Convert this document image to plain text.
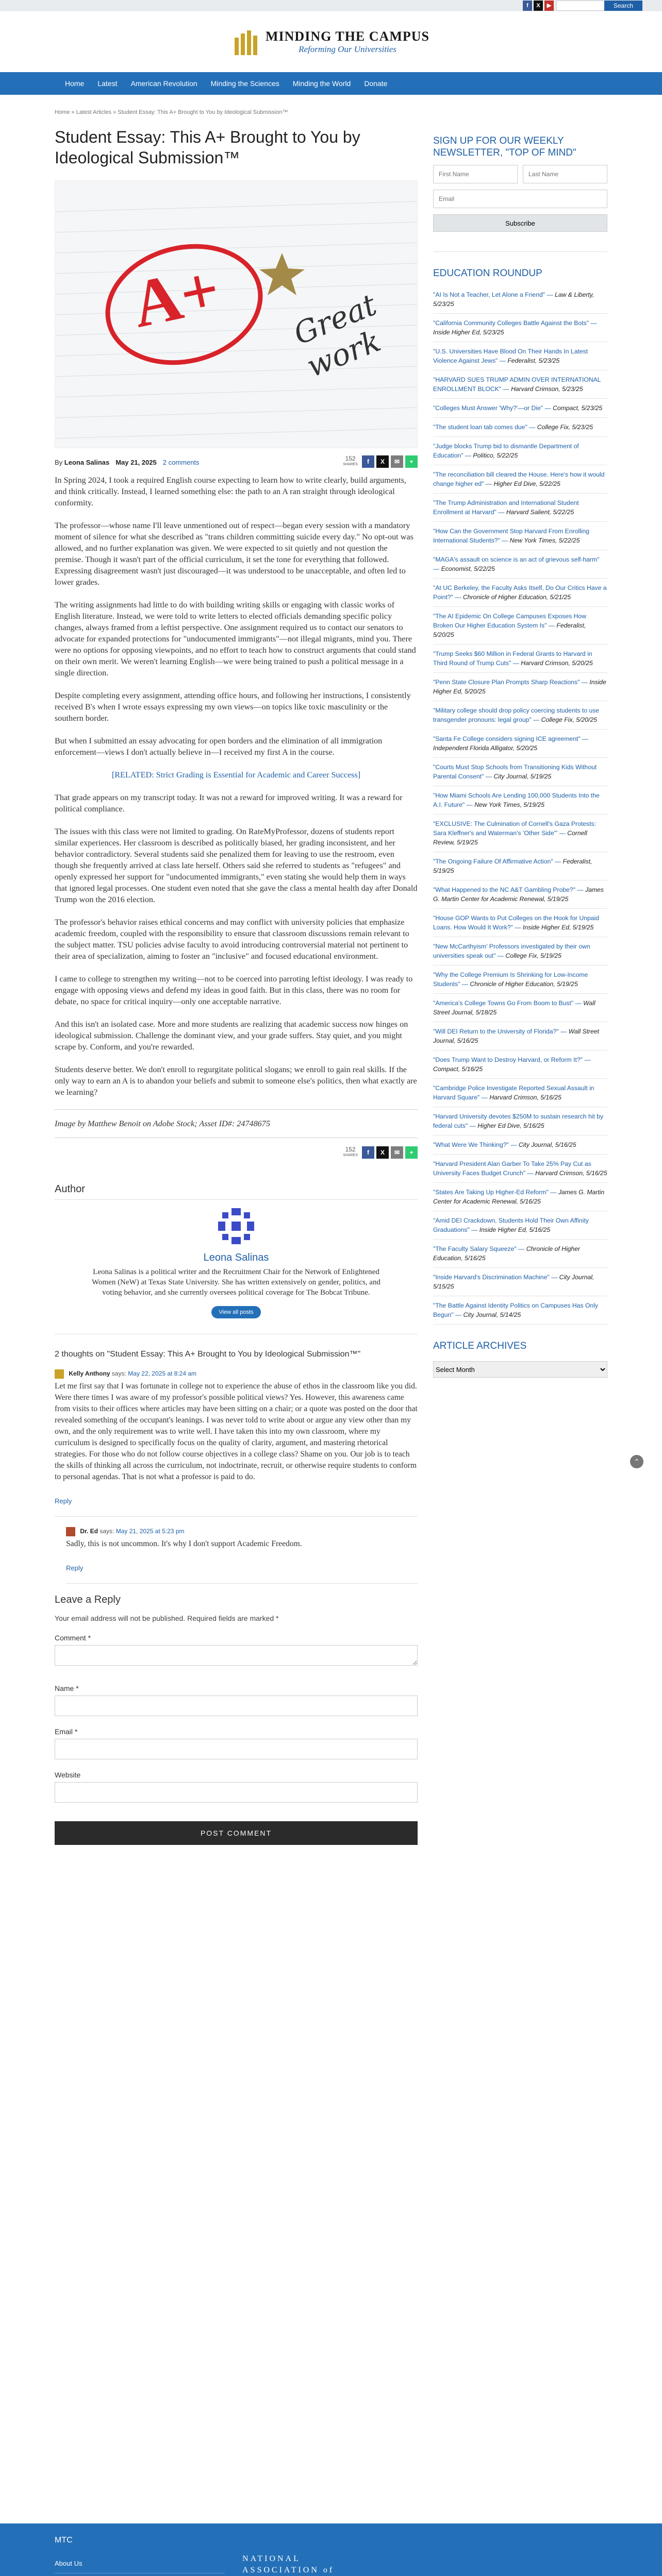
f	X	▶	Search
MINDING THE CAMPUS
Reforming Our Universities
Home Latest American Revolution Minding the Sciences Minding the World Donate
Home » Latest Articles » Student Essay: This A+ Brought to You by Ideological Submission™
Student Essay: This A+ Brought to You by Ideological Submission™
A+ Great work
By Leona Salinas May 21, 2025 2 comments	152
SHARES	f	X	✉	+

In Spring 2024, I took a required English course expecting to learn how to write clearly, build arguments, and think critically. Instead, I learned something else: the path to an A ran straight through ideological conformity.

The professor—whose name I'll leave unmentioned out of respect—began every session with a mandatory moment of silence for what she described as "trans children committing suicide every day." No opt-out was allowed, and no further explanation was given. We were expected to sit quietly and not question the premise. Though it wasn't part of the official curriculum, it set the tone for everything that followed. Expressing disagreement wasn't just discouraged—it was understood to be unacceptable, and often led to lower grades.

The writing assignments had little to do with building writing skills or engaging with classic works of English literature. Instead, we were told to write letters to elected officials demanding specific policy changes, always framed from a leftist perspective. One assignment required us to contact our senators to advocate for expanded protections for "undocumented immigrants"—not illegal migrants, mind you. There were no options for opposing viewpoints, and no effort to teach how to construct arguments that could stand on their own merit. We weren't learning English—we were being trained to push a political message in a single direction.

Despite completing every assignment, attending office hours, and following her instructions, I consistently received B's when I wrote essays expressing my own views—on topics like toxic masculinity or the southern border.

But when I submitted an essay advocating for open borders and the elimination of all immigration enforcement—views I don't actually believe in—I received my first A in the course.

[RELATED: Strict Grading is Essential for Academic and Career Success]

That grade appears on my transcript today. It was not a reward for improved writing. It was a reward for political compliance.

The issues with this class were not limited to grading. On RateMyProfessor, dozens of students report similar experiences. Her classroom is described as politically biased, her grading inconsistent, and her behavior contradictory. Several students said she penalized them for leaving to use the restroom, even though she frequently arrived at class late herself. Others said she referred to students as "refugees" and openly expressed her support for "undocumented immigrants," even stating she would help them in ways that ignored legal processes. One student even noted that she gave the class a mental health day after Donald Trump won the 2016 election.

The professor's behavior raises ethical concerns and may conflict with university policies that emphasize academic freedom, coupled with the responsibility to ensure that classroom discussions remain relevant to the subject matter. TSU policies advise faculty to avoid introducing controversial material not pertinent to their area of specialization, aiming to foster an "inclusive" and focused educational environment.

I came to college to strengthen my writing—not to be coerced into parroting leftist ideology. I was ready to engage with opposing views and defend my ideas in good faith. But in this class, there was no room for debate, no space for critical inquiry—only one acceptable narrative.

And this isn't an isolated case. More and more students are realizing that academic success now hinges on ideological submission. Challenge the dominant view, and your grade suffers. Stay quiet, and you might scrape by. Conform, and you're rewarded.

Students deserve better. We don't enroll to regurgitate political slogans; we enroll to gain real skills. If the only way to earn an A is to abandon your beliefs and submit to someone else's politics, then what exactly are we learning?

Image by Matthew Benoit on Adobe Stock; Asset ID#: 24748675

152
SHARES	f	X	✉	+
Author
Leona Salinas
Leona Salinas is a political writer and the Recruitment Chair for the Network of Enlightened Women (NeW) at Texas State University. She has written extensively on gender, politics, and voting behavior, and she currently oversees political coverage for The Bobcat Tribune.
View all posts
2 thoughts on "Student Essay: This A+ Brought to You by Ideological Submission™"
Kelly Anthony says: May 22, 2025 at 8:24 am

Let me first say that I was fortunate in college not to experience the abuse of ethos in the classroom like you did. Were there times I was aware of my professor's possible political views? Yes. However, this awareness came from visits to their offices where articles may have been sitting on a chair; or a quote was posted on the door that revealed something of the occupant's leanings. I was never told to write about or argue any view other than my own, and the only requirement was to write well. I have taken this into my own classroom, where my curriculum is designed to specifically focus on the quality of clarity, argument, and mastering rhetorical strategies. For those who do not follow course objectives in a college class? Shame on you. Our job is to teach the skills of thinking all across the curriculum, not indoctrinate, recruit, or otherwise require students to conform to personal agendas. That is not what a professor is paid to do.

Reply
Dr. Ed says: May 21, 2025 at 5:23 pm

Sadly, this is not uncommon. It's why I don't support Academic Freedom.

Reply
Leave a Reply
Your email address will not be published. Required fields are marked *
Comment *
Name *
Email *
Website
POST COMMENT
SIGN UP FOR OUR WEEKLY NEWSLETTER, "TOP OF MIND"
First Name
Last Name
Email Subscribe
EDUCATION ROUNDUP
"AI Is Not a Teacher, Let Alone a Friend" — Law & Liberty, 5/23/25
"California Community Colleges Battle Against the Bots" — Inside Higher Ed, 5/23/25
"U.S. Universities Have Blood On Their Hands In Latest Violence Against Jews" — Federalist, 5/23/25
"HARVARD SUES TRUMP ADMIN OVER INTERNATIONAL ENROLLMENT BLOCK" — Harvard Crimson, 5/23/25
"Colleges Must Answer 'Why?'—or Die" — Compact, 5/23/25
"The student loan tab comes due" — College Fix, 5/23/25
"Judge blocks Trump bid to dismantle Department of Education" — Politico, 5/22/25
"The reconciliation bill cleared the House. Here's how it would change higher ed" — Higher Ed Dive, 5/22/25
"The Trump Administration and International Student Enrollment at Harvard" — Harvard Salient, 5/22/25
"How Can the Government Stop Harvard From Enrolling International Students?" — New York Times, 5/22/25
"MAGA's assault on science is an act of grievous self-harm" — Economist, 5/22/25
"At UC Berkeley, the Faculty Asks Itself, Do Our Critics Have a Point?" — Chronicle of Higher Education, 5/21/25
"The AI Epidemic On College Campuses Exposes How Broken Our Higher Education System Is" — Federalist, 5/20/25
"Trump Seeks $60 Million in Federal Grants to Harvard in Third Round of Trump Cuts" — Harvard Crimson, 5/20/25
"Penn State Closure Plan Prompts Sharp Reactions" — Inside Higher Ed, 5/20/25
"Military college should drop policy coercing students to use transgender pronouns: legal group" — College Fix, 5/20/25
"Santa Fe College considers signing ICE agreement" — Independent Florida Alligator, 5/20/25
"Courts Must Stop Schools from Transitioning Kids Without Parental Consent" — City Journal, 5/19/25
"How Miami Schools Are Lending 100,000 Students Into the A.I. Future" — New York Times, 5/19/25
"EXCLUSIVE: The Culmination of Cornell's Gaza Protests: Sara Kleffner's and Waterman's 'Other Side'" — Cornell Review, 5/19/25
"The Ongoing Failure Of Affirmative Action" — Federalist, 5/19/25
"What Happened to the NC A&T Gambling Probe?" — James G. Martin Center for Academic Renewal, 5/19/25
"House GOP Wants to Put Colleges on the Hook for Unpaid Loans. How Would It Work?" — Inside Higher Ed, 5/19/25
"New McCarthyism' Professors investigated by their own universities speak out" — College Fix, 5/19/25
"Why the College Premium Is Shrinking for Low-Income Students" — Chronicle of Higher Education, 5/19/25
"America's College Towns Go From Boom to Bust" — Wall Street Journal, 5/18/25
"Will DEI Return to the University of Florida?" — Wall Street Journal, 5/16/25
"Does Trump Want to Destroy Harvard, or Reform It?" — Compact, 5/16/25
"Cambridge Police Investigate Reported Sexual Assault in Harvard Square" — Harvard Crimson, 5/16/25
"Harvard University devotes $250M to sustain research hit by federal cuts" — Higher Ed Dive, 5/16/25
"What Were We Thinking?" — City Journal, 5/16/25
"Harvard President Alan Garber To Take 25% Pay Cut as University Faces Budget Crunch" — Harvard Crimson, 5/16/25
"States Are Taking Up Higher-Ed Reform" — James G. Martin Center for Academic Renewal, 5/16/25
"Amid DEI Crackdown, Students Hold Their Own Affinity Graduations" — Inside Higher Ed, 5/16/25
"The Faculty Salary Squeeze" — Chronicle of Higher Education, 5/16/25
"Inside Harvard's Discrimination Machine" — City Journal, 5/15/25
"The Battle Against Identity Politics on Campuses Has Only Begun" — City Journal, 5/14/25
ARTICLE ARCHIVES
Select Month
⌃
MTC
About Us
NATIONAL ASSOCIATION of
